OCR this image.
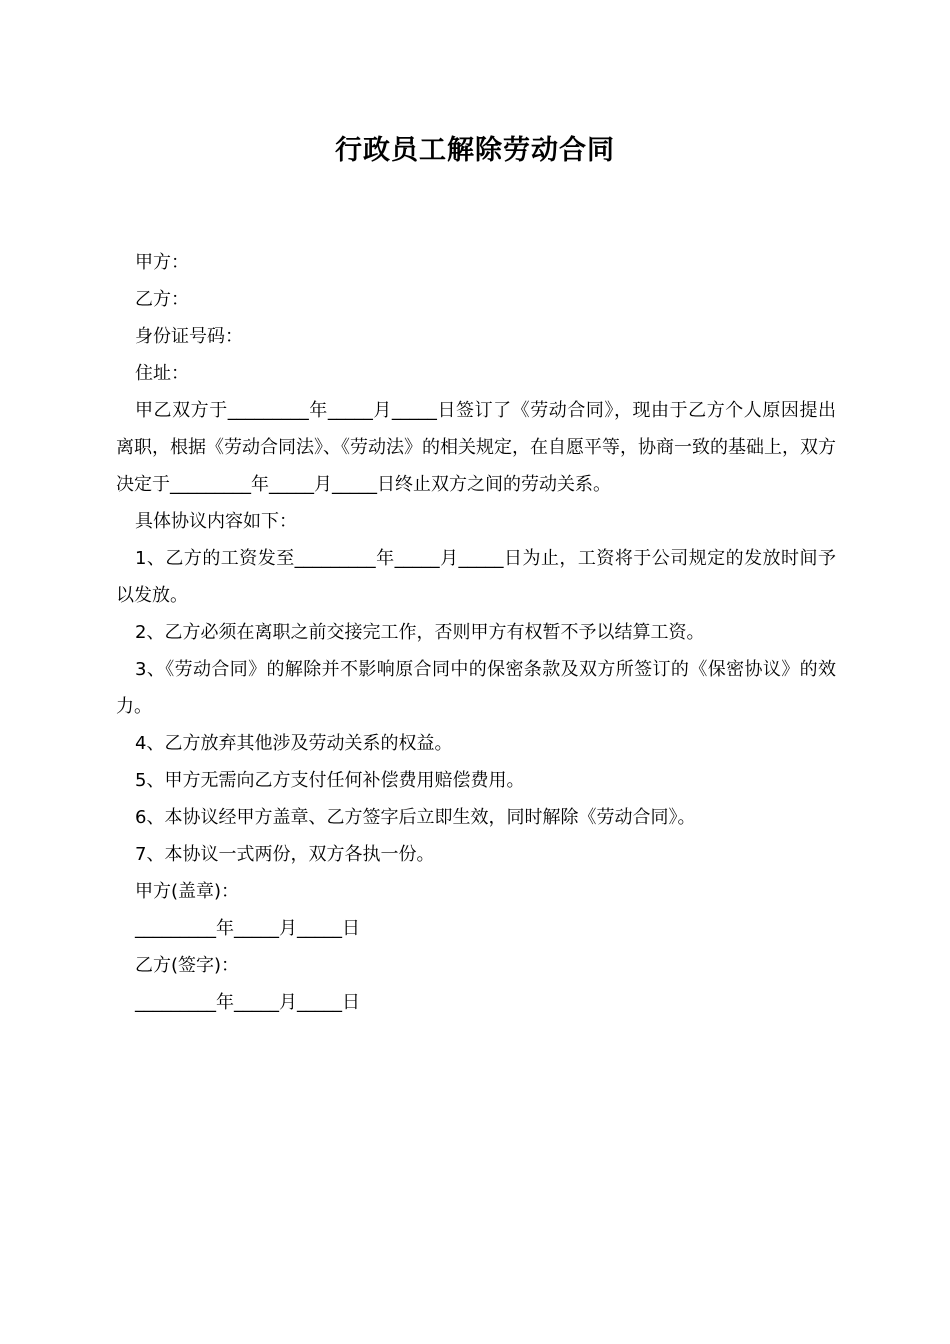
行政员工解除劳动合同

甲方：

乙方：

身份证号码：

住址：

甲乙双方于_________年_____月_____日签订了《劳动合同》，现由于乙方个人原因提出离职，根据《劳动合同法》、《劳动法》的相关规定，在自愿平等，协商一致的基础上，双方决定于_________年_____月_____日终止双方之间的劳动关系。

具体协议内容如下：

1、乙方的工资发至_________年_____月_____日为止，工资将于公司规定的发放时间予以发放。

2、乙方必须在离职之前交接完工作，否则甲方有权暂不予以结算工资。

3、《劳动合同》的解除并不影响原合同中的保密条款及双方所签订的《保密协议》的效力。

4、乙方放弃其他涉及劳动关系的权益。

5、甲方无需向乙方支付任何补偿费用赔偿费用。

6、本协议经甲方盖章、乙方签字后立即生效，同时解除《劳动合同》。

7、本协议一式两份，双方各执一份。

甲方(盖章)：

_________年_____月_____日

乙方(签字)：

_________年_____月_____日
